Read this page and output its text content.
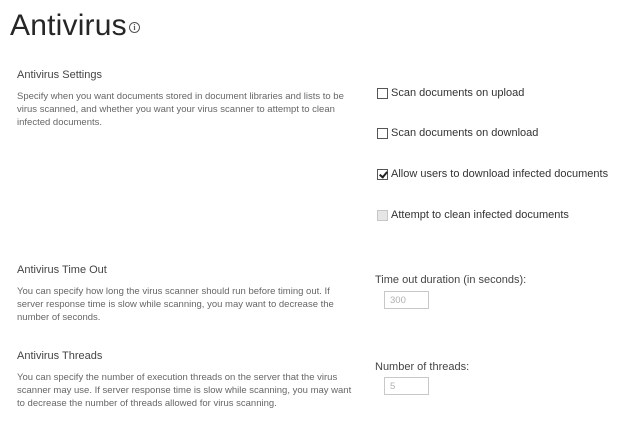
Antivirus i
Antivirus Settings
Specify when you want documents stored in document libraries and lists to be virus scanned, and whether you want your virus scanner to attempt to clean infected documents.
Scan documents on upload
Scan documents on download
Allow users to download infected documents
Attempt to clean infected documents
Antivirus Time Out
You can specify how long the virus scanner should run before timing out. If server response time is slow while scanning, you may want to decrease the number of seconds.
Time out duration (in seconds):
300
Antivirus Threads
You can specify the number of execution threads on the server that the virus scanner may use. If server response time is slow while scanning, you may want to decrease the number of threads allowed for virus scanning.
Number of threads:
5
